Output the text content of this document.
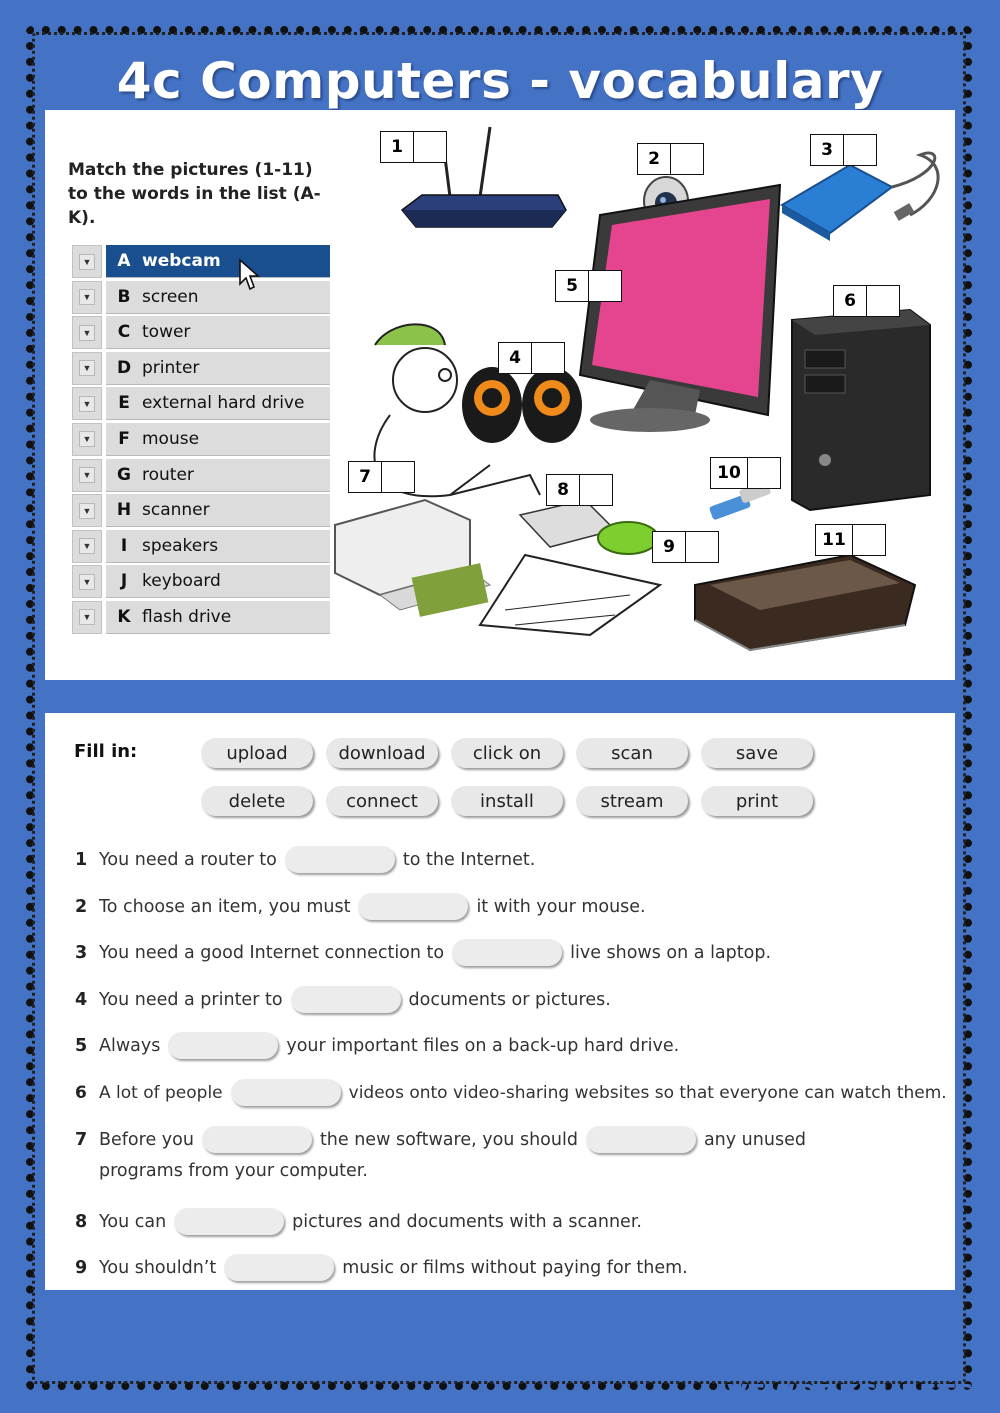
4c Computers - vocabulary
Match the pictures (1-11) to the words in the list (A-K).
▼	A webcam
▼	B screen
▼	C tower
▼	D printer
▼	E external hard drive
▼	F mouse
▼	G router
▼	H scanner
▼	I speakers
▼	J keyboard
▼	K flash drive
1
2	3
4
5
6
7
8
9
10
11
Fill in:	upload	download	click on	scan	save
delete	connect	install	stream	print
1 You need a router to	to the Internet.
2 To choose an item, you must	it with your mouse.
3 You need a good Internet connection to	live shows on a laptop.
4 You need a printer to	documents or pictures.
5 Always	your important files on a back-up hard drive.
6 A lot of people	videos onto video-sharing websites so that everyone can watch them.
7 Before you	the new software, you should	any unused
programs from your computer.
8 You can	pictures and documents with a scanner.
9 You shouldn’t	music or films without paying for them.
LIVEWORKSHEETS
